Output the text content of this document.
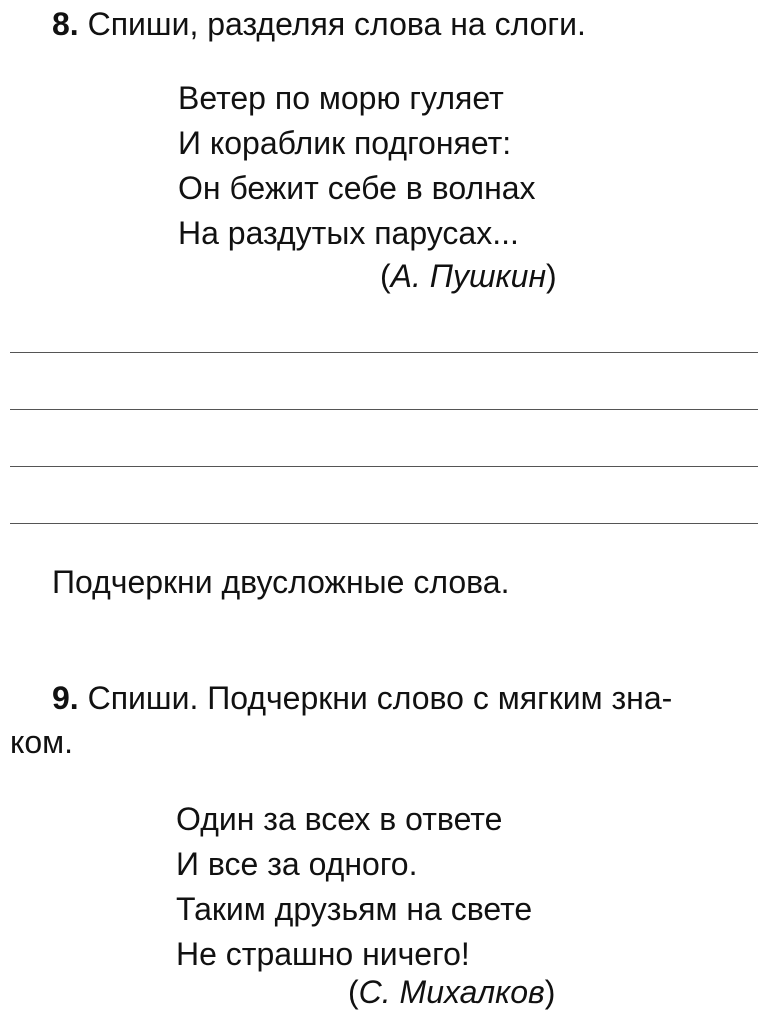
8. Спиши, разделяя слова на слоги.
Ветер по морю гуляет
И кораблик подгоняет:
Он бежит себе в волнах
На раздутых парусах...
(А. Пушкин)
Подчеркни двусложные слова.
9. Спиши. Подчеркни слово с мягким зна-
ком.
Один за всех в ответе
И все за одного.
Таким друзьям на свете
Не страшно ничего!
(С. Михалков)
